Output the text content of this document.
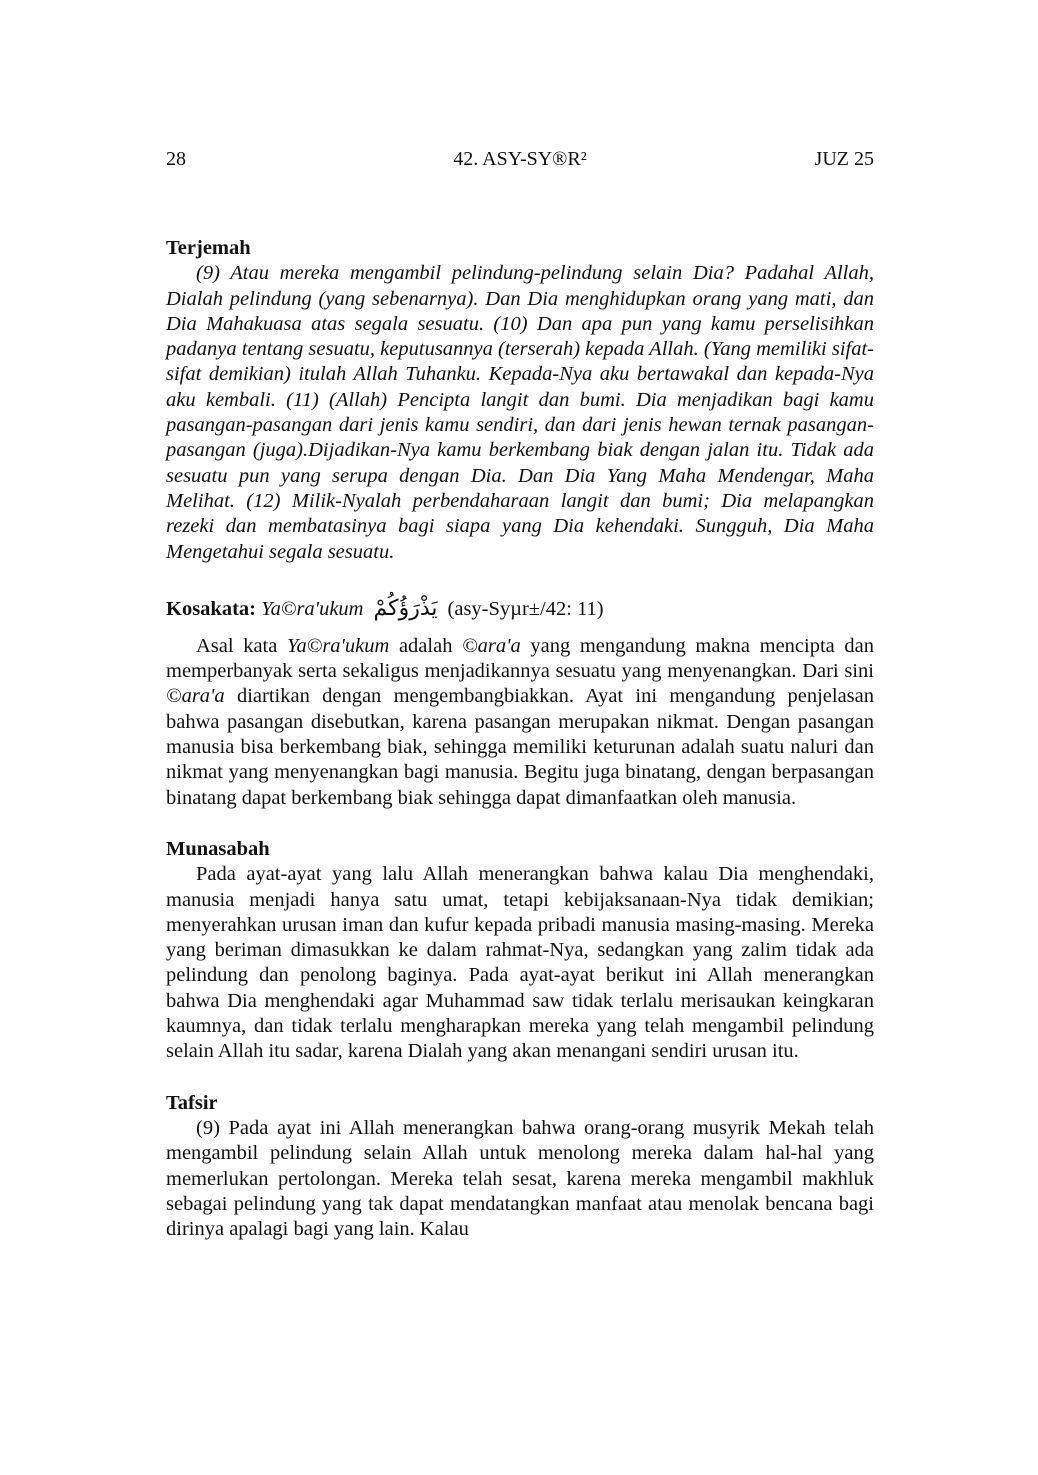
28	42. ASY-SY®R²	JUZ 25

Terjemah

(9) Atau mereka mengambil pelindung-pelindung selain Dia? Padahal Allah, Dialah pelindung (yang sebenarnya). Dan Dia menghidupkan orang yang mati, dan Dia Mahakuasa atas segala sesuatu. (10) Dan apa pun yang kamu perselisihkan padanya tentang sesuatu, keputusannya (terserah) kepada Allah. (Yang memiliki sifat-sifat demikian) itulah Allah Tuhanku. Kepada-Nya aku bertawakal dan kepada-Nya aku kembali. (11) (Allah) Pencipta langit dan bumi. Dia menjadikan bagi kamu pasangan-pasangan dari jenis kamu sendiri, dan dari jenis hewan ternak pasangan-pasangan (juga).Dijadikan-Nya kamu berkembang biak dengan jalan itu. Tidak ada sesuatu pun yang serupa dengan Dia. Dan Dia Yang Maha Mendengar, Maha Melihat. (12) Milik-Nyalah perbendaharaan langit dan bumi; Dia melapangkan rezeki dan membatasinya bagi siapa yang Dia kehendaki. Sungguh, Dia Maha Mengetahui segala sesuatu.

Kosakata: Ya©ra'ukum يَذْرَؤُكُمْ (asy-Syµr±/42: 11)

Asal kata Ya©ra'ukum adalah ©ara'a yang mengandung makna mencipta dan memperbanyak serta sekaligus menjadikannya sesuatu yang menyenangkan. Dari sini ©ara'a diartikan dengan mengembangbiakkan. Ayat ini mengandung penjelasan bahwa pasangan disebutkan, karena pasangan merupakan nikmat. Dengan pasangan manusia bisa berkembang biak, sehingga memiliki keturunan adalah suatu naluri dan nikmat yang menyenangkan bagi manusia. Begitu juga binatang, dengan berpasangan binatang dapat berkembang biak sehingga dapat dimanfaatkan oleh manusia.

Munasabah

Pada ayat-ayat yang lalu Allah menerangkan bahwa kalau Dia menghendaki, manusia menjadi hanya satu umat, tetapi kebijaksanaan-Nya tidak demikian; menyerahkan urusan iman dan kufur kepada pribadi manusia masing-masing. Mereka yang beriman dimasukkan ke dalam rahmat-Nya, sedangkan yang zalim tidak ada pelindung dan penolong baginya. Pada ayat-ayat berikut ini Allah menerangkan bahwa Dia menghendaki agar Muhammad saw tidak terlalu merisaukan keingkaran kaumnya, dan tidak terlalu mengharapkan mereka yang telah mengambil pelindung selain Allah itu sadar, karena Dialah yang akan menangani sendiri urusan itu.

Tafsir

(9) Pada ayat ini Allah menerangkan bahwa orang-orang musyrik Mekah telah mengambil pelindung selain Allah untuk menolong mereka dalam hal-hal yang memerlukan pertolongan. Mereka telah sesat, karena mereka mengambil makhluk sebagai pelindung yang tak dapat mendatangkan manfaat atau menolak bencana bagi dirinya apalagi bagi yang lain. Kalau
